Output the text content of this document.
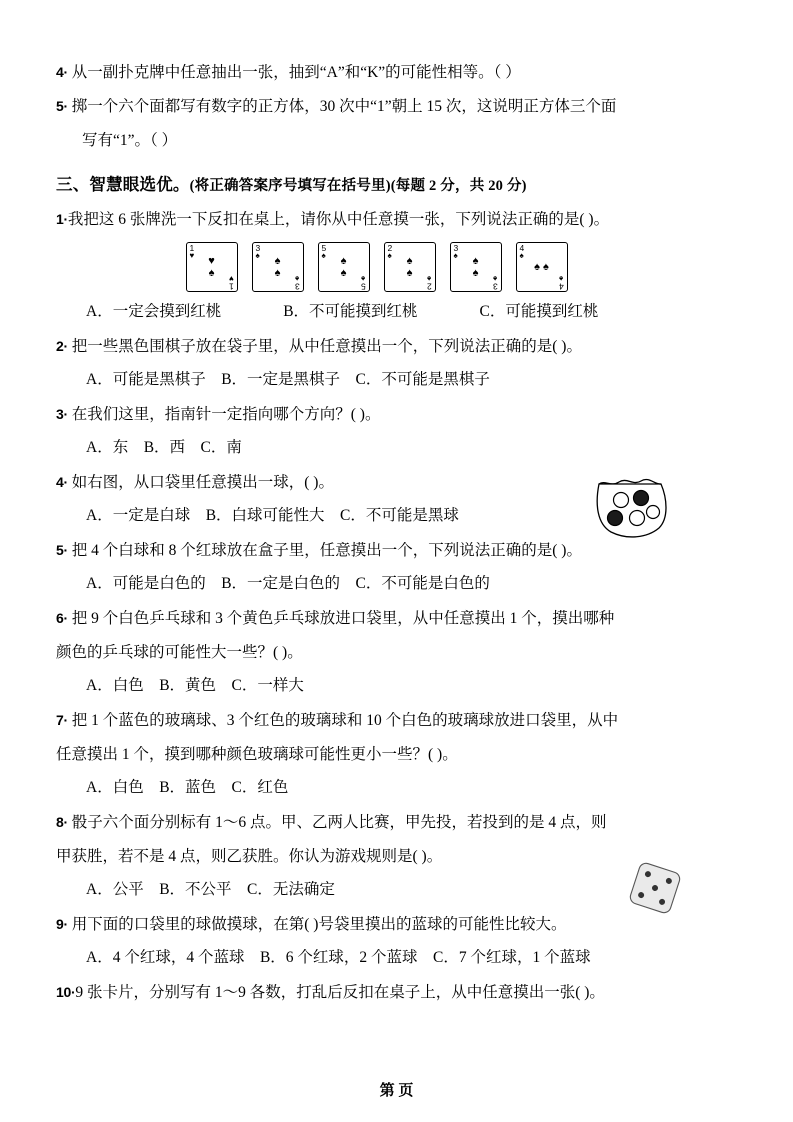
4· 从一副扑克牌中任意抽出一张，抽到“A”和“K”的可能性相等。（ ）

5· 掷一个六个面都写有数字的正方体，30 次中“1”朝上 15 次，这说明正方体三个面

写有“1”。（ ）

三、智慧眼选优。(将正确答案序号填写在括号里)(每题 2 分，共 20 分)

1·我把这 6 张牌洗一下反扣在桌上，请你从中任意摸一张，下列说法正确的是( )。

1
♥ ♥
♠
1
♥
3
♠ ♠
♠
3
♠
5
♠ ♠
♠
5
♠
2
♠ ♠
♠
2
♠
3
♠ ♠
♠
3
♠
4
♠
♠ ♠
4
♠

A．一定会摸到红桃　　　　B．不可能摸到红桃　　　　C．可能摸到红桃

2· 把一些黑色围棋子放在袋子里，从中任意摸出一个，下列说法正确的是( )。

A．可能是黑棋子　B．一定是黑棋子　C．不可能是黑棋子

3· 在我们这里，指南针一定指向哪个方向？( )。

A．东　B．西　C．南

4· 如右图，从口袋里任意摸出一球，( )。

A．一定是白球　B．白球可能性大　C．不可能是黑球

5· 把 4 个白球和 8 个红球放在盒子里，任意摸出一个，下列说法正确的是( )。

A．可能是白色的　B．一定是白色的　C．不可能是白色的

6· 把 9 个白色乒乓球和 3 个黄色乒乓球放进口袋里，从中任意摸出 1 个，摸出哪种

颜色的乒乓球的可能性大一些？( )。

A．白色　B．黄色　C．一样大

7· 把 1 个蓝色的玻璃球、3 个红色的玻璃球和 10 个白色的玻璃球放进口袋里，从中

任意摸出 1 个，摸到哪种颜色玻璃球可能性更小一些？( )。

A．白色　B．蓝色　C．红色

8· 骰子六个面分别标有 1～6 点。甲、乙两人比赛，甲先投，若投到的是 4 点，则

甲获胜，若不是 4 点，则乙获胜。你认为游戏规则是( )。

A．公平　B．不公平　C．无法确定

9· 用下面的口袋里的球做摸球，在第( )号袋里摸出的蓝球的可能性比较大。

A．4 个红球，4 个蓝球　B．6 个红球，2 个蓝球　C．7 个红球，1 个蓝球

10·9 张卡片，分别写有 1～9 各数，打乱后反扣在桌子上，从中任意摸出一张( )。

第 页
